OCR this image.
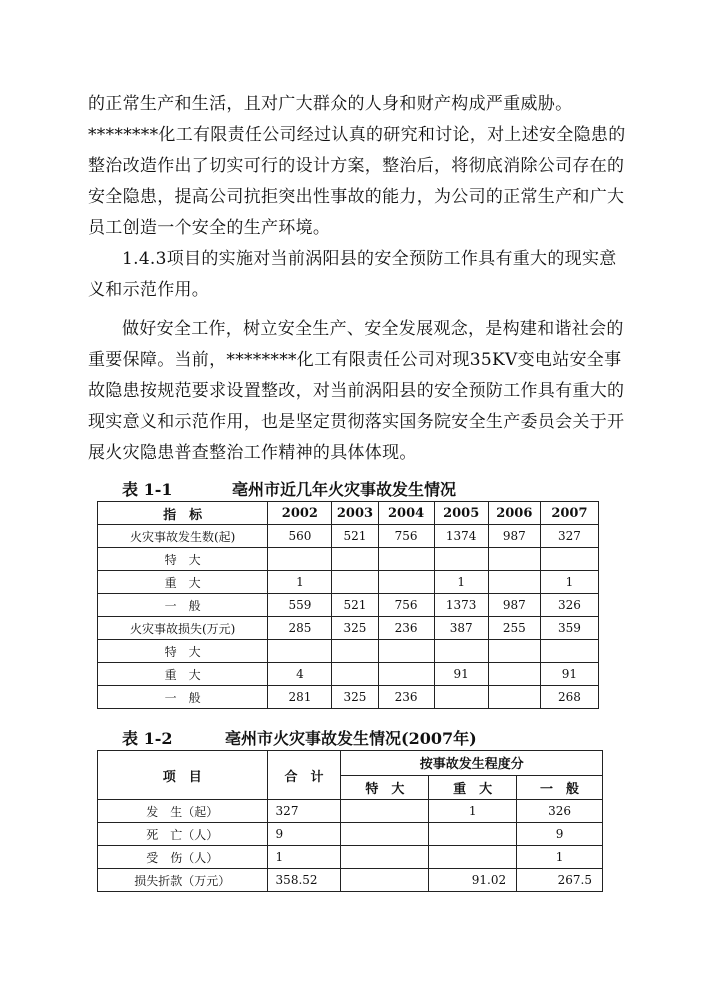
的正常生产和生活，且对广大群众的人身和财产构成严重威胁。

********化工有限责任公司经过认真的研究和讨论，对上述安全隐患的整治改造作出了切实可行的设计方案，整治后，将彻底消除公司存在的安全隐患，提高公司抗拒突出性事故的能力，为公司的正常生产和广大员工创造一个安全的生产环境。

1.4.3项目的实施对当前涡阳县的安全预防工作具有重大的现实意义和示范作用。

做好安全工作，树立安全生产、安全发展观念，是构建和谐社会的重要保障。当前，********化工有限责任公司对现35KV变电站安全事故隐患按规范要求设置整改，对当前涡阳县的安全预防工作具有重大的现实意义和示范作用，也是坚定贯彻落实国务院安全生产委员会关于开展火灾隐患普查整治工作精神的具体体现。

表 1-1	亳州市近几年火灾事故发生情况
指　标	2002	2003	2004	2005	2006	2007
火灾事故发生数(起)	560	521	756	1374	987	327
特　大						
重　大	1			1		1
一　般	559	521	756	1373	987	326
火灾事故损失(万元)	285	325	236	387	255	359
特　大						
重　大	4			91		91
一　般	281	325	236			268
表 1-2	亳州市火灾事故发生情况(2007年)
项　目	合　计	按事故发生程度分		
		特　大	重　大	一　般
发　生（起）	327		1	326
死　亡（人）	9			9
受　伤（人）	1			1
损失折款（万元）	358.52		91.02	267.5
